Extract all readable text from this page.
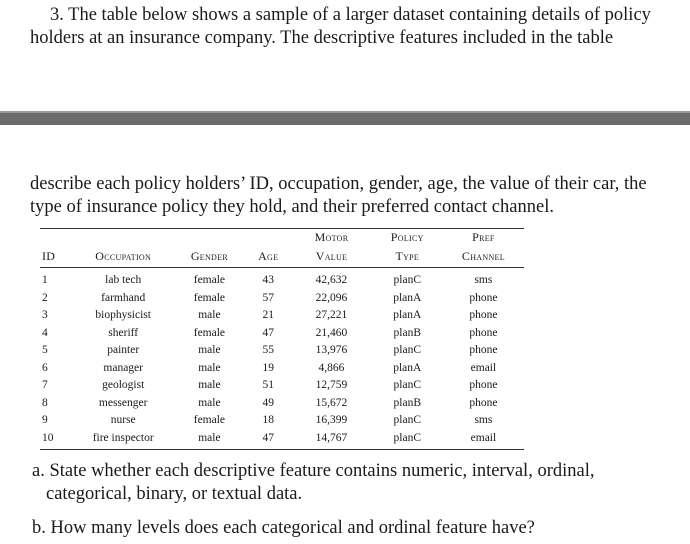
3. The table below shows a sample of a larger dataset containing details of policy holders at an insurance company. The descriptive features included in the table

describe each policy holders’ ID, occupation, gender, age, the value of their car, the type of insurance policy they hold, and their preferred contact channel.

				Motor	Policy	Pref
ID	Occupation	Gender	Age	Value	Type	Channel
1	lab tech	female	43	42,632	planC	sms
2	farmhand	female	57	22,096	planA	phone
3	biophysicist	male	21	27,221	planA	phone
4	sheriff	female	47	21,460	planB	phone
5	painter	male	55	13,976	planC	phone
6	manager	male	19	4,866	planA	email
7	geologist	male	51	12,759	planC	phone
8	messenger	male	49	15,672	planB	phone
9	nurse	female	18	16,399	planC	sms
10	fire inspector	male	47	14,767	planC	email

a. State whether each descriptive feature contains numeric, interval, ordinal,

categorical, binary, or textual data.

b. How many levels does each categorical and ordinal feature have?
